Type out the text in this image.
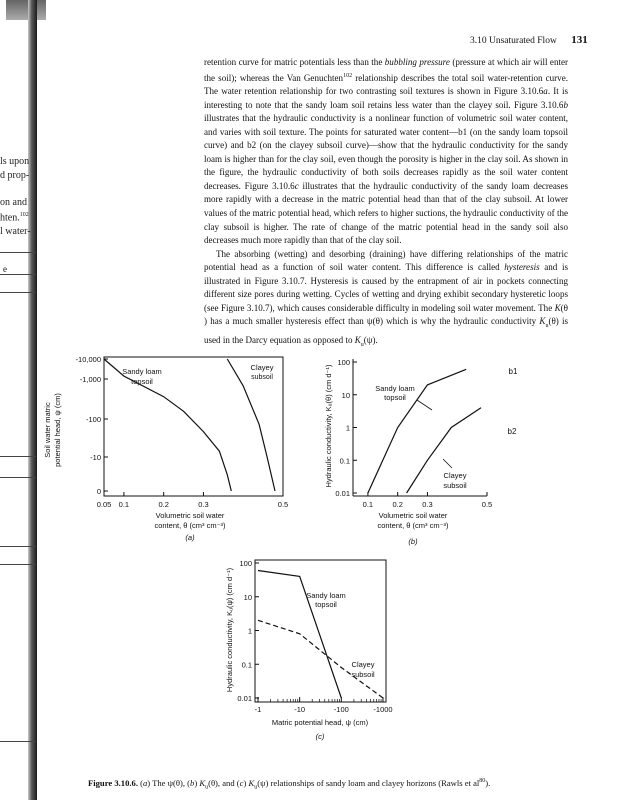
ls upon
d prop-

on and
hten.$^{102}$
l water-
e
3.10 Unsaturated Flow 131

retention curve for matric potentials less than the bubbling pressure (pressure at which air will enter the soil); whereas the Van Genuchten$^{102}$ relationship describes the total soil water-retention curve. The water retention relationship for two contrasting soil textures is shown in Figure 3.10.6a. It is interesting to note that the sandy loam soil retains less water than the clayey soil. Figure 3.10.6b illustrates that the hydraulic conductivity is a nonlinear function of volumetric soil water content, and varies with soil texture. The points for saturated water content—b1 (on the sandy loam topsoil curve) and b2 (on the clayey subsoil curve)—show that the hydraulic conductivity for the sandy loam is higher than for the clay soil, even though the porosity is higher in the clay soil. As shown in the figure, the hydraulic conductivity of both soils decreases rapidly as the soil water content decreases. Figure 3.10.6c illustrates that the hydraulic conductivity of the sandy loam decreases more rapidly with a decrease in the matric potential head than that of the clay subsoil. At lower values of the matric potential head, which refers to higher suctions, the hydraulic conductivity of the clay subsoil is higher. The rate of change of the matric potential head in the sandy soil also decreases much more rapidly than that of the clay soil.

The absorbing (wetting) and desorbing (draining) have differing relationships of the matric potential head as a function of soil water content. This difference is called hysteresis and is illustrated in Figure 3.10.7. Hysteresis is caused by the entrapment of air in pockets connecting different size pores during wetting. Cycles of wetting and drying exhibit secondary hysteretic loops (see Figure 3.10.7), which causes considerable difficulty in modeling soil water movement. The K(θ ) has a much smaller hysteresis effect than ψ(θ) which is why the hydraulic conductivity $K_u(\theta)$ is used in the Darcy equation as opposed to $K_u(\psi)$.

0.05 0.1	0.2	0.3	0.5
-10,000
-1,000
-100
-10
0
Volumetric soil water
content, θ (cm³ cm⁻³)
Soil water matric potential head, ψ (cm)
Sandy loam
topsoil
Clayey
subsoil
(a)
0.1	0.2	0.3	0.5
100
10
1
0.1
0.01
Volumetric soil water
content, θ (cm³ cm⁻³)
Hydraulic conductivity, Kᵤ(θ) (cm d⁻¹)	Sandy loam
topsoil
Clayey
subsoil
b1
b2
(b)
-1	-10	-100	-1000
100
10
1
0.1
0.01
Matric potential head, ψ (cm)
Hydraulic conductivity, Kᵤ(ψ) (cm d⁻¹)	Sandy loam
topsoil
Clayey
subsoil
(c)
Figure 3.10.6. (a) The ψ(θ), (b) $K_u(\theta)$, and (c) $K_u(\psi)$ relationships of sandy loam and clayey horizons (Rawls et $al^{80}$).
